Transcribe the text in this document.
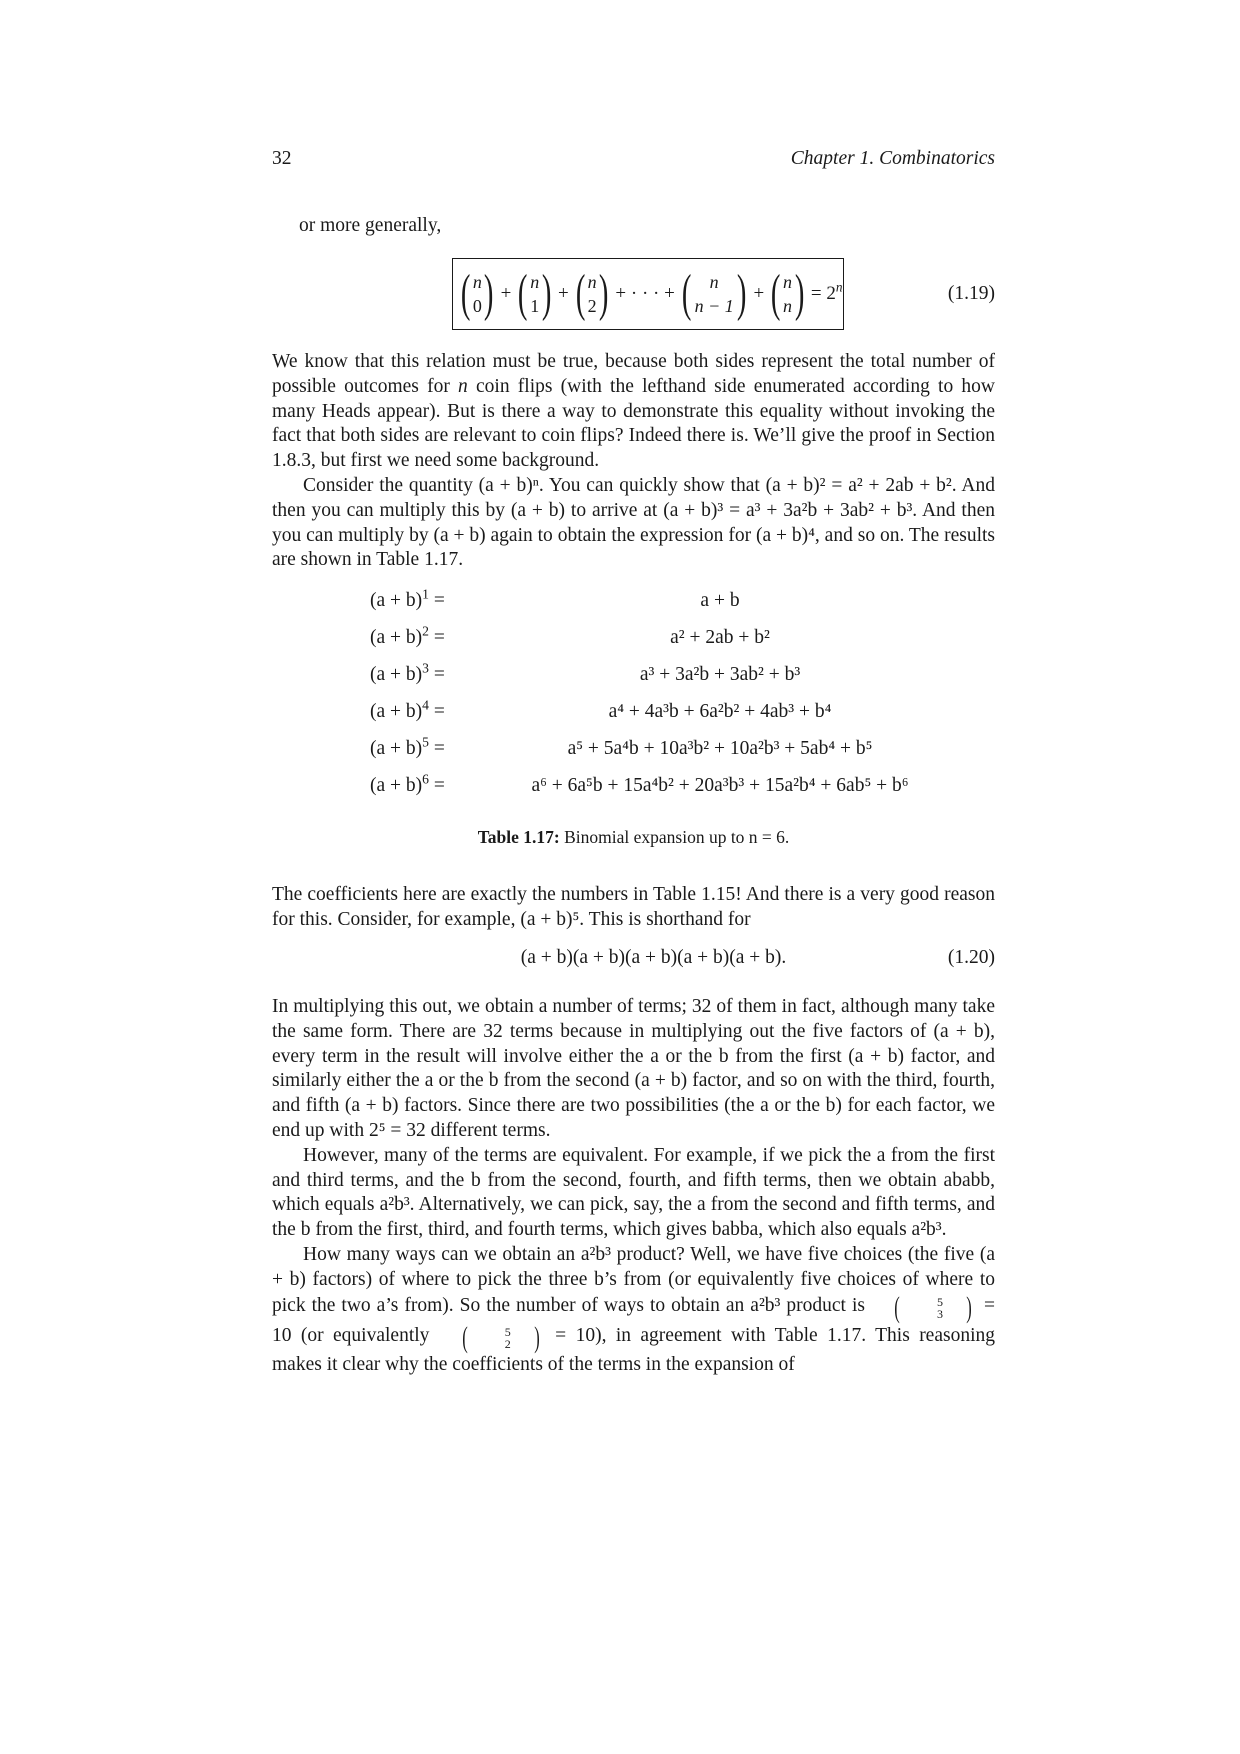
32	Chapter 1. Combinatorics

or more generally,

( n
0 ) + ( n
1 ) + ( n
2 ) + · · · + ( n
n − 1 ) + ( n
n ) = $2^n$	(1.19)

We know that this relation must be true, because both sides represent the total number of possible outcomes for n coin flips (with the lefthand side enumerated according to how many Heads appear). But is there a way to demonstrate this equality without invoking the fact that both sides are relevant to coin flips? Indeed there is. We’ll give the proof in Section 1.8.3, but first we need some background.

Consider the quantity (a + b)ⁿ. You can quickly show that (a + b)² = a² + 2ab + b². And then you can multiply this by (a + b) to arrive at (a + b)³ = a³ + 3a²b + 3ab² + b³. And then you can multiply by (a + b) again to obtain the expression for (a + b)⁴, and so on. The results are shown in Table 1.17.

$(a + b)^1$ =	a + b
$(a + b)^2$ =	a² + 2ab + b²
$(a + b)^3$ =	a³ + 3a²b + 3ab² + b³
$(a + b)^4$ =	a⁴ + 4a³b + 6a²b² + 4ab³ + b⁴
$(a + b)^5$ =	a⁵ + 5a⁴b + 10a³b² + 10a²b³ + 5ab⁴ + b⁵
$(a + b)^6$ =	a⁶ + 6a⁵b + 15a⁴b² + 20a³b³ + 15a²b⁴ + 6ab⁵ + b⁶
Table 1.17: Binomial expansion up to n = 6.

The coefficients here are exactly the numbers in Table 1.15! And there is a very good reason for this. Consider, for example, (a + b)⁵. This is shorthand for

(a + b)(a + b)(a + b)(a + b)(a + b).	(1.20)

In multiplying this out, we obtain a number of terms; 32 of them in fact, although many take the same form. There are 32 terms because in multiplying out the five factors of (a + b), every term in the result will involve either the a or the b from the first (a + b) factor, and similarly either the a or the b from the second (a + b) factor, and so on with the third, fourth, and fifth (a + b) factors. Since there are two possibilities (the a or the b) for each factor, we end up with 2⁵ = 32 different terms.

However, many of the terms are equivalent. For example, if we pick the a from the first and third terms, and the b from the second, fourth, and fifth terms, then we obtain ababb, which equals a²b³. Alternatively, we can pick, say, the a from the second and fifth terms, and the b from the first, third, and fourth terms, which gives babba, which also equals a²b³.

How many ways can we obtain an a²b³ product? Well, we have five choices (the five (a + b) factors) of where to pick the three b’s from (or equivalently five choices of where to pick the two a’s from). So the number of ways to obtain an a²b³ product is (	5
3 ) = 10 (or equivalently (	5
2 ) = 10), in agreement with Table 1.17. This reasoning makes it clear why the coefficients of the terms in the expansion of
